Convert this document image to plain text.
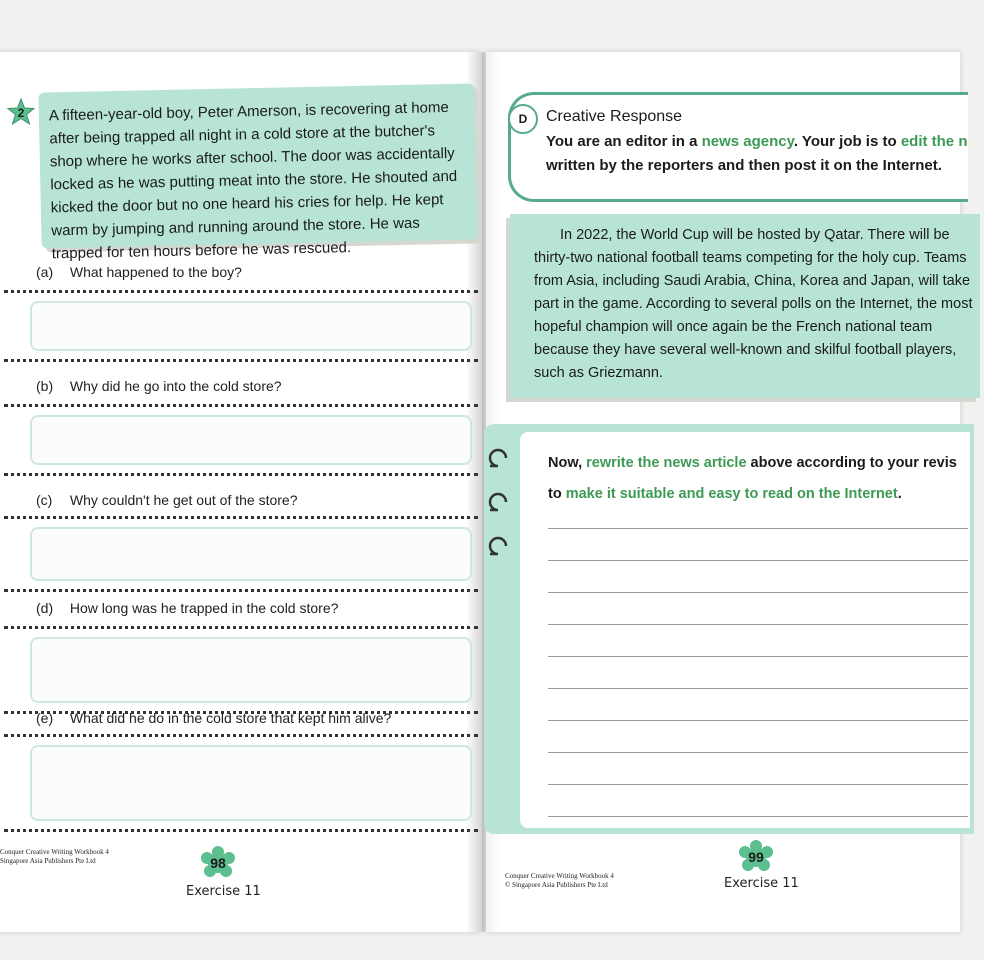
2	A fifteen-year-old boy, Peter Amerson, is recovering at home after being trapped all night in a cold store at the butcher's shop where he works after school. The door was accidentally locked as he was putting meat into the store. He shouted and kicked the door but no one heard his cries for help. He kept warm by jumping and running around the store. He was trapped for ten hours before he was rescued.
(a) What happened to the boy?
(b) Why did he go into the cold store?
(c) Why couldn't he get out of the store?
(d) How long was he trapped in the cold store?
(e) What did he do in the cold store that kept him alive?
Conquer Creative Writing Workbook 4
Singapore Asia Publishers Pte Ltd	98
Exercise 11
D Creative Response
You are an editor in a news agency. Your job is to edit the n
written by the reporters and then post it on the Internet.

In 2022, the World Cup will be hosted by Qatar. There will be thirty-two national football teams competing for the holy cup. Teams from Asia, including Saudi Arabia, China, Korea and Japan, will take part in the game. According to several polls on the Internet, the most hopeful champion will once again be the French national team because they have several well-known and skilful football players, such as Griezmann.

Now, rewrite the news article above according to your revis
to make it suitable and easy to read on the Internet.
Conquer Creative Writing Workbook 4
© Singapore Asia Publishers Pte Ltd
99
Exercise 11
